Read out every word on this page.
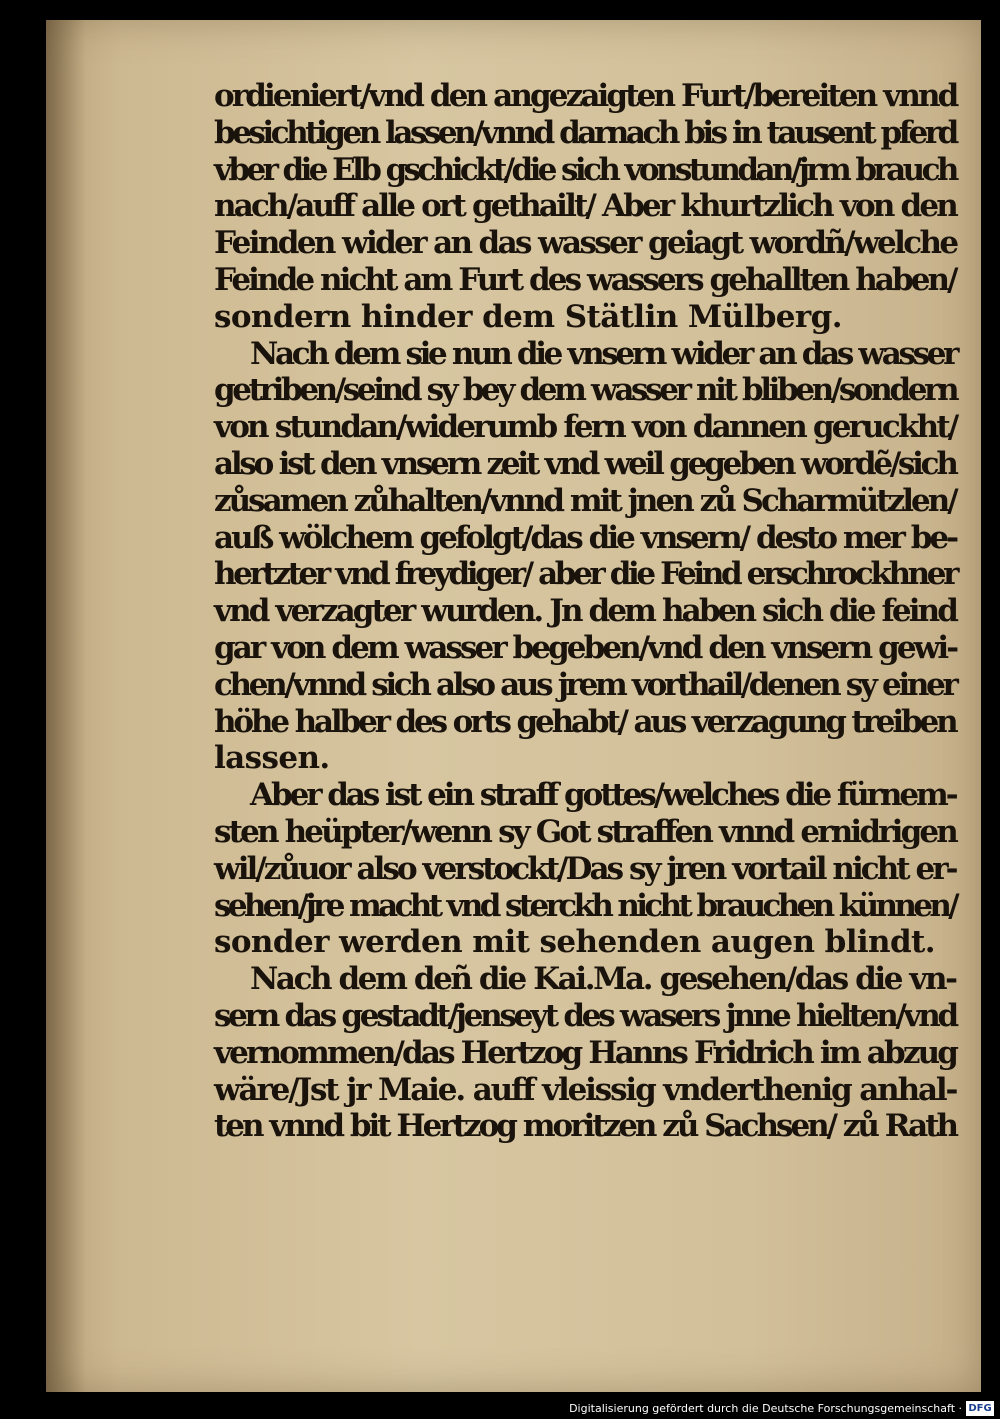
ordieniert/vnd den angezaigten Furt/bereiten vnnd
besichtigen lassen/vnnd darnach bis in tausent pferd
vber die Elb gschickt/die sich vonstundan/jrm brauch
nach/auff alle ort gethailt/ Aber khurtzlich von den
Feinden wider an das wasser geiagt wordñ/welche
Feinde nicht am Furt des wassers gehallten haben/
sondern hinder dem Stätlin Mülberg.
Nach dem sie nun die vnsern wider an das wasser
getriben/seind sy bey dem wasser nit bliben/sondern
von stundan/widerumb fern von dannen geruckht/
also ist den vnsern zeit vnd weil gegeben wordẽ/sich
zůsamen zůhalten/vnnd mit jnen zů Scharmützlen/
auß wölchem gefolgt/das die vnsern/ desto mer be-
hertzter vnd freydiger/ aber die Feind erschrockhner
vnd verzagter wurden. Jn dem haben sich die feind
gar von dem wasser begeben/vnd den vnsern gewi-
chen/vnnd sich also aus jrem vorthail/denen sy einer
höhe halber des orts gehabt/ aus verzagung treiben
lassen.
Aber das ist ein straff gottes/welches die fürnem-
sten heüpter/wenn sy Got straffen vnnd ernidrigen
wil/zůuor also verstockt/Das sy jren vortail nicht er-
sehen/jre macht vnd sterckh nicht brauchen künnen/
sonder werden mit sehenden augen blindt.
Nach dem deñ die Kai.Ma. gesehen/das die vn-
sern das gestadt/jenseyt des wasers jnne hielten/vnd
vernommen/das Hertzog Hanns Fridrich im abzug
wäre/Jst jr Maie. auff vleissig vnderthenig anhal-
ten vnnd bit Hertzog moritzen zů Sachsen/ zů Rath
Digitalisierung gefördert durch die Deutsche Forschungsgemeinschaft · DFG
